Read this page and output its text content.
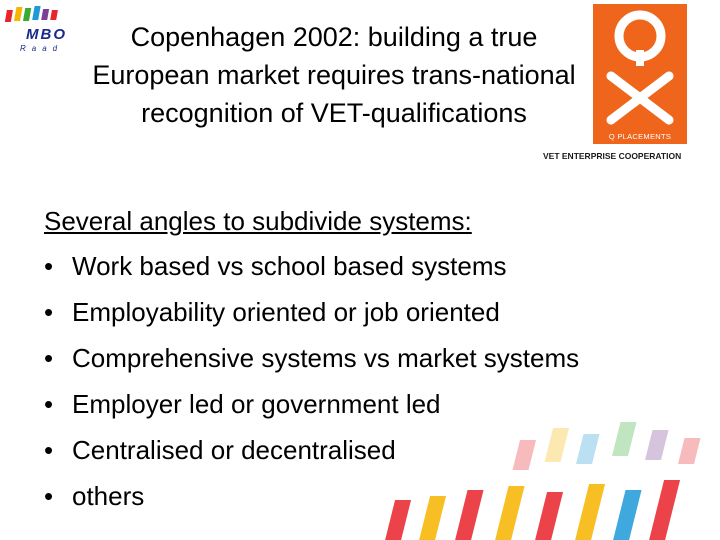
MBO
Raad	Copenhagen 2002: building a true European market requires trans-national recognition of VET-qualifications
Q PLACEMENTS
VET ENTERPRISE COOPERATION

Several angles to subdivide systems:

• Work based vs school based systems
• Employability oriented or job oriented
• Comprehensive systems vs market systems
• Employer led or government led
• Centralised or decentralised
• others
